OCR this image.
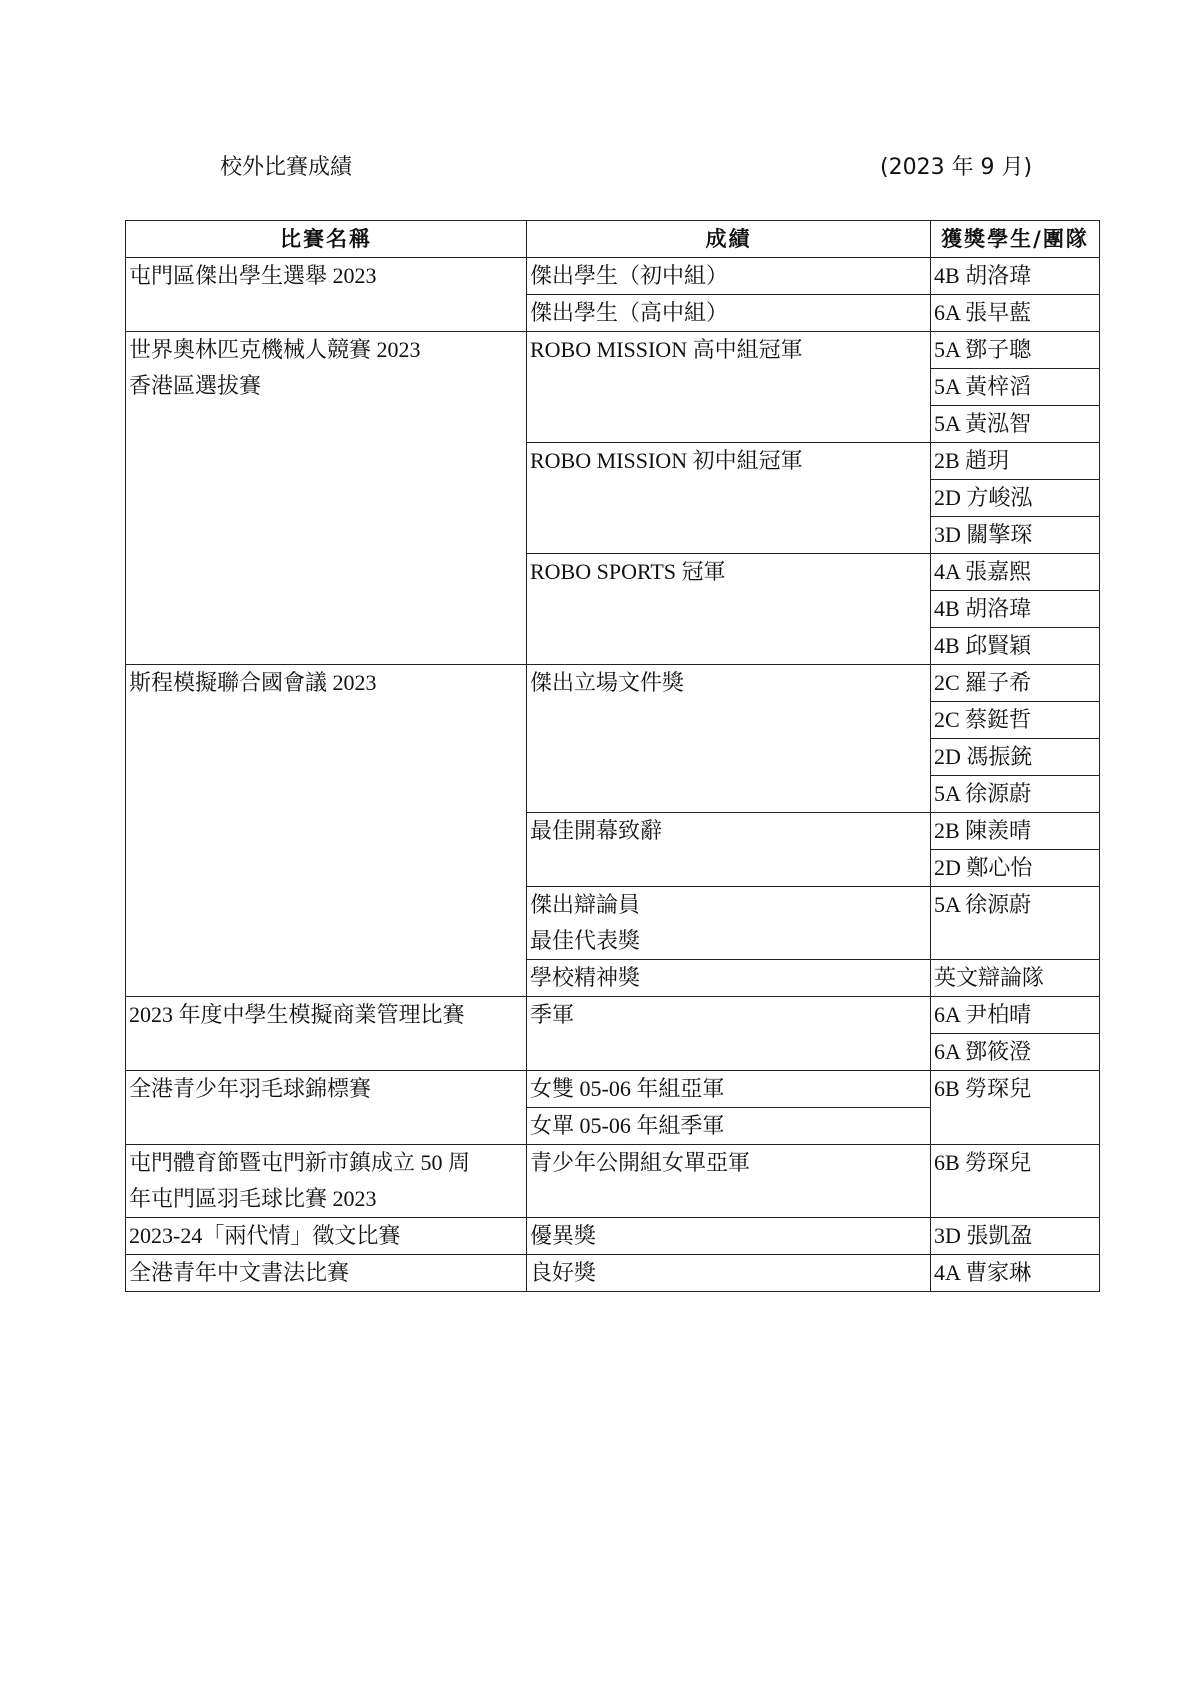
校外比賽成績	(2023 年 9 月)
比賽名稱	成績	獲獎學生/團隊

屯門區傑出學生選舉 2023	傑出學生（初中組）	4B 胡洛瑋

	傑出學生（高中組）	6A 張早藍

世界奧林匹克機械人競賽 2023
香港區選拔賽	ROBO MISSION 高中組冠軍	5A 鄧子聰

		5A 黃梓滔

		5A 黃泓智

	ROBO MISSION 初中組冠軍	2B 趙玥

		2D 方峻泓

		3D 關擎琛

	ROBO SPORTS 冠軍	4A 張嘉熙

		4B 胡洛瑋

		4B 邱賢穎

斯程模擬聯合國會議 2023	傑出立場文件獎	2C 羅子希

		2C 蔡鋌哲

		2D 馮振銃

		5A 徐源蔚

	最佳開幕致辭	2B 陳羨晴

		2D 鄭心怡

	傑出辯論員
最佳代表獎	5A 徐源蔚

	學校精神獎	英文辯論隊

2023 年度中學生模擬商業管理比賽	季軍	6A 尹柏晴

		6A 鄧筱澄

全港青少年羽毛球錦標賽	女雙 05-06 年組亞軍	6B 勞琛兒

	女單 05-06 年組季軍	

屯門體育節暨屯門新市鎮成立 50 周
年屯門區羽毛球比賽 2023	青少年公開組女單亞軍	6B 勞琛兒

2023-24「兩代情」徵文比賽	優異獎	3D 張凱盈

全港青年中文書法比賽	良好獎	4A 曹家琳
